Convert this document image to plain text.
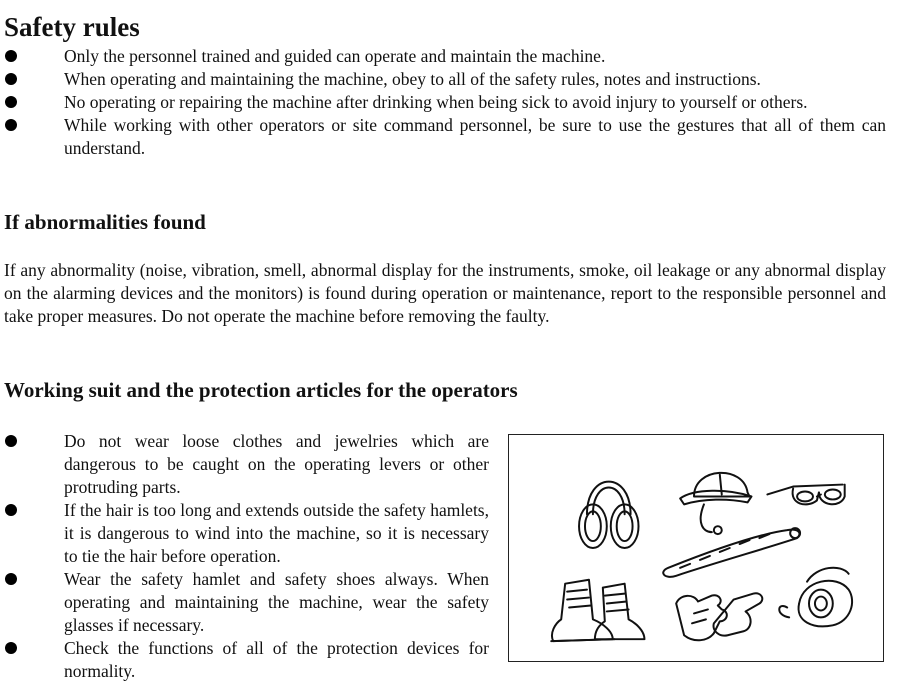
Safety rules
Only the personnel trained and guided can operate and maintain the machine.
When operating and maintaining the machine, obey to all of the safety rules, notes and instructions.
No operating or repairing the machine after drinking when being sick to avoid injury to yourself or others.
While working with other operators or site command personnel, be sure to use the gestures that all of them can understand.
If abnormalities found

If any abnormality (noise, vibration, smell, abnormal display for the instruments, smoke, oil leakage or any abnormal display on the alarming devices and the monitors) is found during operation or maintenance, report to the responsible personnel and take proper measures. Do not operate the machine before removing the faulty.

Working suit and the protection articles for the operators
Do not wear loose clothes and jewelries which are dangerous to be caught on the operating levers or other protruding parts.
If the hair is too long and extends outside the safety hamlets, it is dangerous to wind into the machine, so it is necessary to tie the hair before operation.
Wear the safety hamlet and safety shoes always. When operating and maintaining the machine, wear the safety glasses if necessary.
Check the functions of all of the protection devices for normality.
